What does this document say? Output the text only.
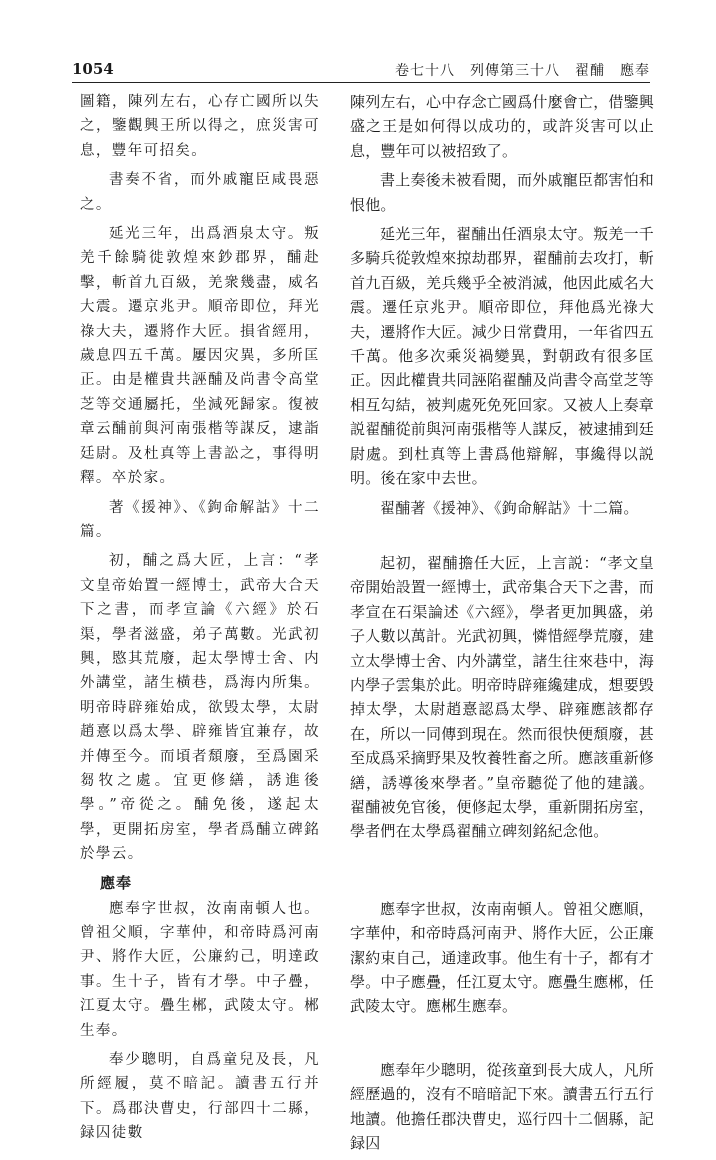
1054	卷七十八　列傳第三十八　翟酺　應奉

圖籍，陳列左右，心存亡國所以失之，鑒觀興王所以得之，庶災害可息，豐年可招矣。

書奏不省，而外戚寵臣咸畏惡之。

延光三年，出爲酒泉太守。叛羌千餘騎徙敦煌來鈔郡界，酺赴擊，斬首九百級，羌衆幾盡，威名大震。遷京兆尹。順帝即位，拜光祿大夫，遷將作大匠。損省經用，歲息四五千萬。屢因灾異，多所匡正。由是權貴共誣酺及尚書令高堂芝等交通屬托，坐減死歸家。復被章云酺前與河南張楷等謀反，逮詣廷尉。及杜真等上書訟之，事得明釋。卒於家。

著《援神》、《鉤命解詁》十二篇。

初，酺之爲大匠，上言：“孝文皇帝始置一經博士，武帝大合天下之書，而孝宣論《六經》於石渠，學者滋盛，弟子萬數。光武初興，愍其荒廢，起太學博士舍、内外講堂，諸生橫巷，爲海内所集。明帝時辟雍始成，欲毁太學，太尉趙憙以爲太學、辟雍皆宜兼存，故并傳至今。而頃者頹廢，至爲園采芻牧之處。宜更修繕，誘進後學。”帝從之。酺免後，遂起太學，更開拓房室，學者爲酺立碑銘於學云。

應奉

應奉字世叔，汝南南頓人也。曾祖父順，字華仲，和帝時爲河南尹、將作大匠，公廉約己，明達政事。生十子，皆有才學。中子疊，江夏太守。疊生郴，武陵太守。郴生奉。

奉少聰明，自爲童兒及長，凡所經履，莫不暗記。讀書五行并下。爲郡決曹史，行部四十二縣，録囚徒數

陳列左右，心中存念亡國爲什麼會亡，借鑒興盛之王是如何得以成功的，或許災害可以止息，豐年可以被招致了。

書上奏後未被看閱，而外戚寵臣都害怕和恨他。

延光三年，翟酺出任酒泉太守。叛羌一千多騎兵從敦煌來掠劫郡界，翟酺前去攻打，斬首九百級，羌兵幾乎全被消滅，他因此威名大震。遷任京兆尹。順帝即位，拜他爲光祿大夫，遷將作大匠。減少日常費用，一年省四五千萬。他多次乘災禍變異，對朝政有很多匡正。因此權貴共同誣陷翟酺及尚書令高堂芝等相互勾結，被判處死免死回家。又被人上奏章説翟酺從前與河南張楷等人謀反，被逮捕到廷尉處。到杜真等上書爲他辯解，事纔得以説明。後在家中去世。

翟酺著《援神》、《鉤命解詁》十二篇。

起初，翟酺擔任大匠，上言説：“孝文皇帝開始設置一經博士，武帝集合天下之書，而孝宣在石渠論述《六經》，學者更加興盛，弟子人數以萬計。光武初興，憐惜經學荒廢，建立太學博士舍、内外講堂，諸生往來巷中，海内學子雲集於此。明帝時辟雍纔建成，想要毁掉太學，太尉趙憙認爲太學、辟雍應該都存在，所以一同傳到現在。然而很快便頹廢，甚至成爲采摘野果及牧養牲畜之所。應該重新修繕，誘導後來學者。”皇帝聽從了他的建議。翟酺被免官後，便修起太學，重新開拓房室，學者們在太學爲翟酺立碑刻銘紀念他。

應奉字世叔，汝南南頓人。曾祖父應順，字華仲，和帝時爲河南尹、將作大匠，公正廉潔約束自己，通達政事。他生有十子，都有才學。中子應疊，任江夏太守。應疊生應郴，任武陵太守。應郴生應奉。

應奉年少聰明，從孩童到長大成人，凡所經歷過的，沒有不暗暗記下來。讀書五行五行地讀。他擔任郡決曹史，巡行四十二個縣，記録囚
